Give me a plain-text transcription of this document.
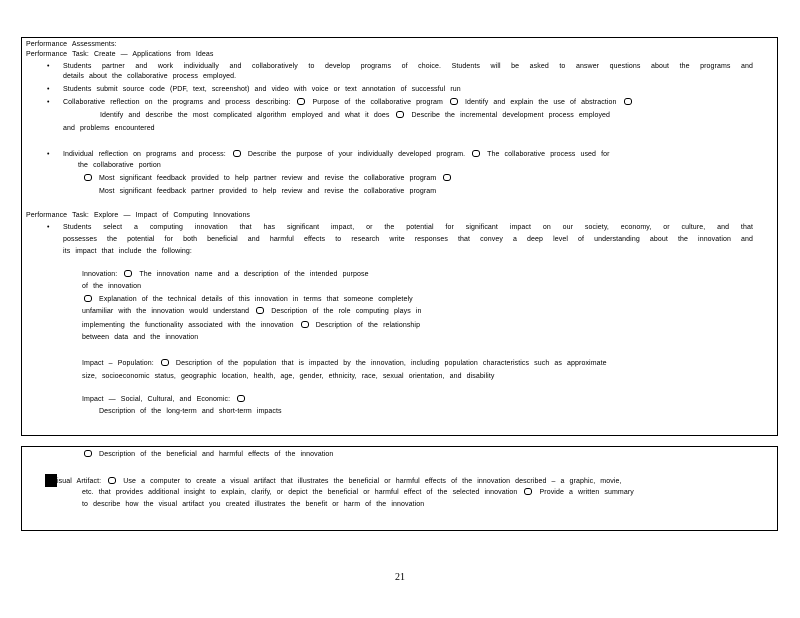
Performance Assessments:
Performance Task: Create — Applications from Ideas
• Students partner and work individually and collaboratively to develop programs of choice. Students will be asked to answer questions about the programs and
details about the collaborative process employed.
• Students submit source code (PDF, text, screenshot) and video with voice or text annotation of successful run
• Collaborative reflection on the programs and process describing:	Purpose of the collaborative program	Identify and explain the use of abstraction
Identify and describe the most complicated algorithm employed and what it does	Describe the incremental development process employed
and problems encountered
• Individual reflection on programs and process:	Describe the purpose of your individually developed program.	The collaborative process used for
the collaborative portion
Most significant feedback provided to help partner review and revise the collaborative program
Most significant feedback partner provided to help review and revise the collaborative program
Performance Task: Explore — Impact of Computing Innovations
• Students select a computing innovation that has significant impact, or the potential for significant impact on our society, economy, or culture, and that
possesses the potential for both beneficial and harmful effects to research write responses that convey a deep level of understanding about the innovation and
its impact that include the following:
Innovation:	The innovation name and a description of the intended purpose
of the innovation
Explanation of the technical details of this innovation in terms that someone completely
unfamiliar with the innovation would understand	Description of the role computing plays in
implementing the functionality associated with the innovation	Description of the relationship
between data and the innovation
Impact – Population:	Description of the population that is impacted by the innovation, including population characteristics such as approximate
size, socioeconomic status, geographic location, health, age, gender, ethnicity, race, sexual orientation, and disability
Impact — Social, Cultural, and Economic:
Description of the long-term and short-term impacts
Description of the beneficial and harmful effects of the innovation
isual Artifact:	Use a computer to create a visual artifact that illustrates the beneficial or harmful effects of the innovation described – a graphic, movie,
etc. that provides additional insight to explain, clarify, or depict the beneficial or harmful effect of the selected innovation	Provide a written summary
to describe how the visual artifact you created illustrates the benefit or harm of the innovation
21
